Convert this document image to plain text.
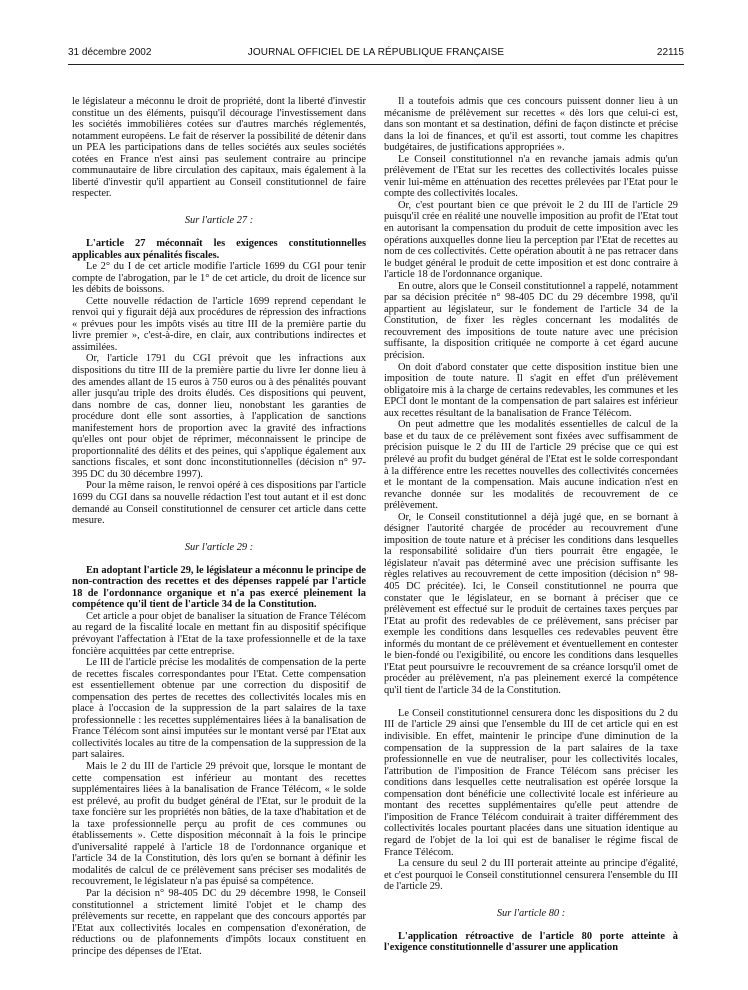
31 décembre 2002	JOURNAL OFFICIEL DE LA RÉPUBLIQUE FRANÇAISE	22115

le législateur a méconnu le droit de propriété, dont la liberté d'investir constitue un des éléments, puisqu'il décourage l'investissement dans les sociétés immobilières cotées sur d'autres marchés réglementés, notamment européens. Le fait de réserver la possibilité de détenir dans un PEA les participations dans de telles sociétés aux seules sociétés cotées en France n'est ainsi pas seulement contraire au principe communautaire de libre circulation des capitaux, mais également à la liberté d'investir qu'il appartient au Conseil constitutionnel de faire respecter.

Sur l'article 27 :
L'article 27 méconnaît les exigences constitutionnelles applicables aux pénalités fiscales.

Le 2° du I de cet article modifie l'article 1699 du CGI pour tenir compte de l'abrogation, par le 1° de cet article, du droit de licence sur les débits de boissons.

Cette nouvelle rédaction de l'article 1699 reprend cependant le renvoi qui y figurait déjà aux procédures de répression des infractions « prévues pour les impôts visés au titre III de la première partie du livre premier », c'est-à-dire, en clair, aux contributions indirectes et assimilées.

Or, l'article 1791 du CGI prévoit que les infractions aux dispositions du titre III de la première partie du livre Ier donne lieu à des amendes allant de 15 euros à 750 euros ou à des pénalités pouvant aller jusqu'au triple des droits éludés. Ces dispositions qui peuvent, dans nombre de cas, donner lieu, nonobstant les garanties de procédure dont elle sont assorties, à l'application de sanctions manifestement hors de proportion avec la gravité des infractions qu'elles ont pour objet de réprimer, méconnaissent le principe de proportionnalité des délits et des peines, qui s'applique également aux sanctions fiscales, et sont donc inconstitutionnelles (décision n° 97-395 DC du 30 décembre 1997).

Pour la même raison, le renvoi opéré à ces dispositions par l'article 1699 du CGI dans sa nouvelle rédaction l'est tout autant et il est donc demandé au Conseil constitutionnel de censurer cet article dans cette mesure.

Sur l'article 29 :
En adoptant l'article 29, le législateur a méconnu le principe de non-contraction des recettes et des dépenses rappelé par l'article 18 de l'ordonnance organique et n'a pas exercé pleinement la compétence qu'il tient de l'article 34 de la Constitution.

Cet article a pour objet de banaliser la situation de France Télécom au regard de la fiscalité locale en mettant fin au dispositif spécifique prévoyant l'affectation à l'Etat de la taxe professionnelle et de la taxe foncière acquittées par cette entreprise.

Le III de l'article précise les modalités de compensation de la perte de recettes fiscales correspondantes pour l'Etat. Cette compensation est essentiellement obtenue par une correction du dispositif de compensation des pertes de recettes des collectivités locales mis en place à l'occasion de la suppression de la part salaires de la taxe professionnelle : les recettes supplémentaires liées à la banalisation de France Télécom sont ainsi imputées sur le montant versé par l'Etat aux collectivités locales au titre de la compensation de la suppression de la part salaires.

Mais le 2 du III de l'article 29 prévoit que, lorsque le montant de cette compensation est inférieur au montant des recettes supplémentaires liées à la banalisation de France Télécom, « le solde est prélevé, au profit du budget général de l'Etat, sur le produit de la taxe foncière sur les propriétés non bâties, de la taxe d'habitation et de la taxe professionnelle perçu au profit de ces communes ou établissements ». Cette disposition méconnaît à la fois le principe d'universalité rappelé à l'article 18 de l'ordonnance organique et l'article 34 de la Constitution, dès lors qu'en se bornant à définir les modalités de calcul de ce prélèvement sans préciser ses modalités de recouvrement, le législateur n'a pas épuisé sa compétence.

Par la décision n° 98-405 DC du 29 décembre 1998, le Conseil constitutionnel a strictement limité l'objet et le champ des prélèvements sur recette, en rappelant que des concours apportés par l'Etat aux collectivités locales en compensation d'exonération, de réductions ou de plafonnements d'impôts locaux constituent en principe des dépenses de l'Etat.

Il a toutefois admis que ces concours puissent donner lieu à un mécanisme de prélèvement sur recettes « dès lors que celui-ci est, dans son montant et sa destination, défini de façon distincte et précise dans la loi de finances, et qu'il est assorti, tout comme les chapitres budgétaires, de justifications appropriées ».

Le Conseil constitutionnel n'a en revanche jamais admis qu'un prélèvement de l'Etat sur les recettes des collectivités locales puisse venir lui-même en atténuation des recettes prélevées par l'Etat pour le compte des collectivités locales.

Or, c'est pourtant bien ce que prévoit le 2 du III de l'article 29 puisqu'il crée en réalité une nouvelle imposition au profit de l'Etat tout en autorisant la compensation du produit de cette imposition avec les opérations auxquelles donne lieu la perception par l'Etat de recettes au nom de ces collectivités. Cette opération aboutit à ne pas retracer dans le budget général le produit de cette imposition et est donc contraire à l'article 18 de l'ordonnance organique.

En outre, alors que le Conseil constitutionnel a rappelé, notamment par sa décision précitée n° 98-405 DC du 29 décembre 1998, qu'il appartient au législateur, sur le fondement de l'article 34 de la Constitution, de fixer les règles concernant les modalités de recouvrement des impositions de toute nature avec une précision suffisante, la disposition critiquée ne comporte à cet égard aucune précision.

On doit d'abord constater que cette disposition institue bien une imposition de toute nature. Il s'agit en effet d'un prélèvement obligatoire mis à la charge de certains redevables, les communes et les EPCI dont le montant de la compensation de part salaires est inférieur aux recettes résultant de la banalisation de France Télécom.

On peut admettre que les modalités essentielles de calcul de la base et du taux de ce prélèvement sont fixées avec suffisamment de précision puisque le 2 du III de l'article 29 précise que ce qui est prélevé au profit du budget général de l'Etat est le solde correspondant à la différence entre les recettes nouvelles des collectivités concernées et le montant de la compensation. Mais aucune indication n'est en revanche donnée sur les modalités de recouvrement de ce prélèvement.

Or, le Conseil constitutionnel a déjà jugé que, en se bornant à désigner l'autorité chargée de procéder au recouvrement d'une imposition de toute nature et à préciser les conditions dans lesquelles la responsabilité solidaire d'un tiers pourrait être engagée, le législateur n'avait pas déterminé avec une précision suffisante les règles relatives au recouvrement de cette imposition (décision n° 98-405 DC précitée). Ici, le Conseil constitutionnel ne pourra que constater que le législateur, en se bornant à préciser que ce prélèvement est effectué sur le produit de certaines taxes perçues par l'Etat au profit des redevables de ce prélèvement, sans préciser par exemple les conditions dans lesquelles ces redevables peuvent être informés du montant de ce prélèvement et éventuellement en contester le bien-fondé ou l'exigibilité, ou encore les conditions dans lesquelles l'Etat peut poursuivre le recouvrement de sa créance lorsqu'il omet de procéder au prélèvement, n'a pas pleinement exercé la compétence qu'il tient de l'article 34 de la Constitution.

Le Conseil constitutionnel censurera donc les dispositions du 2 du III de l'article 29 ainsi que l'ensemble du III de cet article qui en est indivisible. En effet, maintenir le principe d'une diminution de la compensation de la suppression de la part salaires de la taxe professionnelle en vue de neutraliser, pour les collectivités locales, l'attribution de l'imposition de France Télécom sans préciser les conditions dans lesquelles cette neutralisation est opérée lorsque la compensation dont bénéficie une collectivité locale est inférieure au montant des recettes supplémentaires qu'elle peut attendre de l'imposition de France Télécom conduirait à traiter différemment des collectivités locales pourtant placées dans une situation identique au regard de l'objet de la loi qui est de banaliser le régime fiscal de France Télécom.

La censure du seul 2 du III porterait atteinte au principe d'égalité, et c'est pourquoi le Conseil constitutionnel censurera l'ensemble du III de l'article 29.

Sur l'article 80 :
L'application rétroactive de l'article 80 porte atteinte à l'exigence constitutionnelle d'assurer une application
